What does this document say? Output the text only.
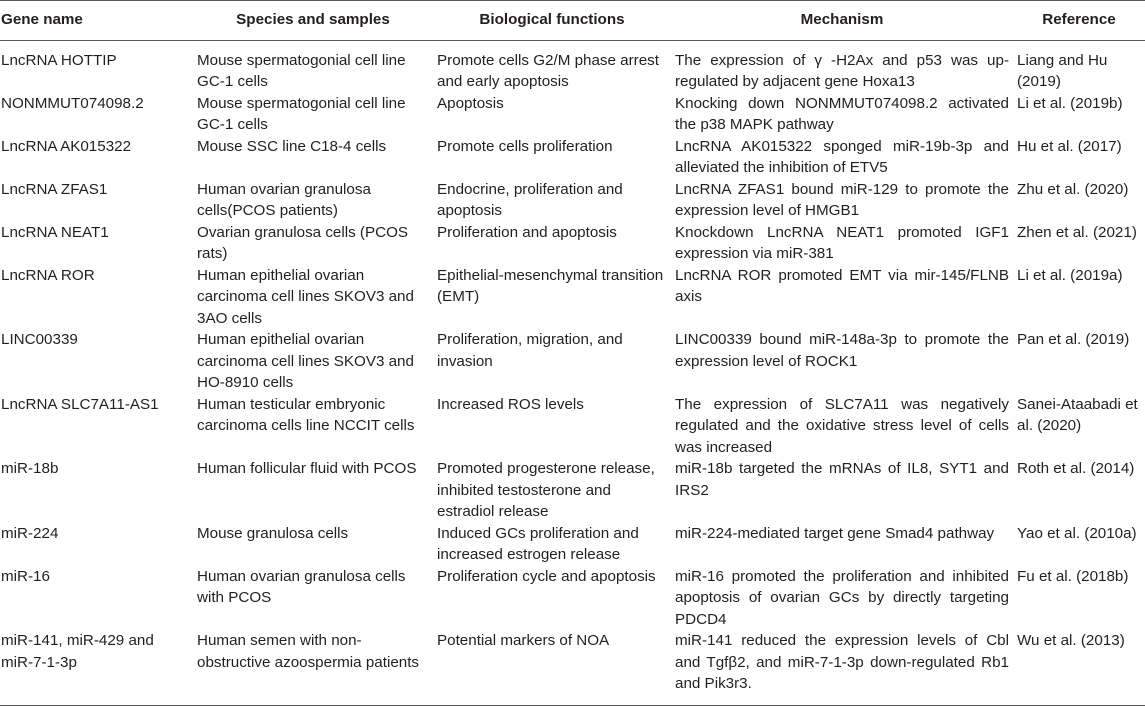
Gene name	Species and samples	Biological functions	Mechanism	Reference
LncRNA HOTTIP	Mouse spermatogonial cell line GC-1 cells	Promote cells G2/M phase arrest and early apoptosis	The expression of γ -H2Ax and p53 was up-regulated by adjacent gene Hoxa13	Liang and Hu (2019)
NONMMUT074098.2	Mouse spermatogonial cell line GC-1 cells	Apoptosis	Knocking down NONMMUT074098.2 activated the p38 MAPK pathway	Li et al. (2019b)
LncRNA AK015322	Mouse SSC line C18-4 cells	Promote cells proliferation	LncRNA AK015322 sponged miR-19b-3p and alleviated the inhibition of ETV5	Hu et al. (2017)
LncRNA ZFAS1	Human ovarian granulosa cells(PCOS patients)	Endocrine, proliferation and apoptosis	LncRNA ZFAS1 bound miR-129 to promote the expression level of HMGB1	Zhu et al. (2020)
LncRNA NEAT1	Ovarian granulosa cells (PCOS rats)	Proliferation and apoptosis	Knockdown LncRNA NEAT1 promoted IGF1 expression via miR-381	Zhen et al. (2021)
LncRNA ROR	Human epithelial ovarian carcinoma cell lines SKOV3 and 3AO cells	Epithelial-mesenchymal transition (EMT)	LncRNA ROR promoted EMT via mir-145/FLNB axis	Li et al. (2019a)
LINC00339	Human epithelial ovarian carcinoma cell lines SKOV3 and HO-8910 cells	Proliferation, migration, and invasion	LINC00339 bound miR-148a-3p to promote the expression level of ROCK1	Pan et al. (2019)
LncRNA SLC7A11-AS1	Human testicular embryonic carcinoma cells line NCCIT cells	Increased ROS levels	The expression of SLC7A11 was negatively regulated and the oxidative stress level of cells was increased	Sanei-Ataabadi et al. (2020)
miR-18b	Human follicular fluid with PCOS	Promoted progesterone release, inhibited testosterone and estradiol release	miR-18b targeted the mRNAs of IL8, SYT1 and IRS2	Roth et al. (2014)
miR-224	Mouse granulosa cells	Induced GCs proliferation and increased estrogen release	miR-224-mediated target gene Smad4 pathway	Yao et al. (2010a)
miR-16	Human ovarian granulosa cells with PCOS	Proliferation cycle and apoptosis	miR-16 promoted the proliferation and inhibited apoptosis of ovarian GCs by directly targeting PDCD4	Fu et al. (2018b)
miR-141, miR-429 and miR-7-1-3p	Human semen with non-obstructive azoospermia patients	Potential markers of NOA	miR-141 reduced the expression levels of Cbl and Tgfβ2, and miR-7-1-3p down-regulated Rb1 and Pik3r3.	Wu et al. (2013)
